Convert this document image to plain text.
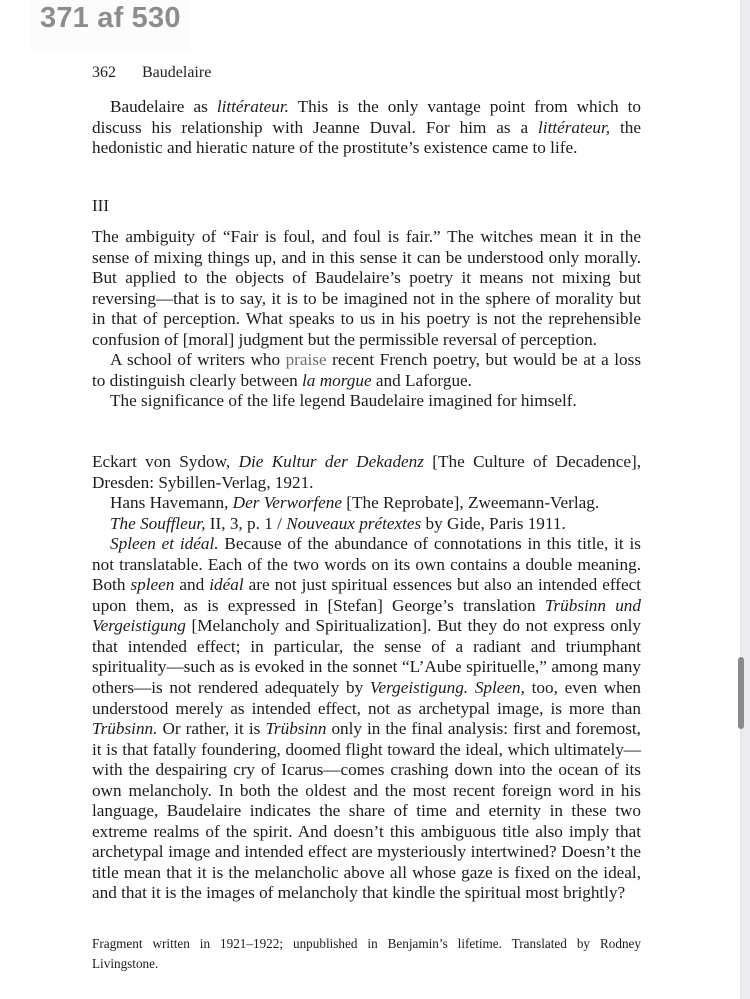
371 af 530
362 Baudelaire

Baudelaire as littérateur. This is the only vantage point from which to discuss his relationship with Jeanne Duval. For him as a littérateur, the hedonistic and hieratic nature of the prostitute’s existence came to life.

III

The ambiguity of “Fair is foul, and foul is fair.” The witches mean it in the sense of mixing things up, and in this sense it can be understood only morally. But applied to the objects of Baudelaire’s poetry it means not mixing but reversing—that is to say, it is to be imagined not in the sphere of morality but in that of perception. What speaks to us in his poetry is not the reprehensible confusion of [moral] judgment but the permissible reversal of perception.

A school of writers who praise recent French poetry, but would be at a loss to distinguish clearly between la morgue and Laforgue.

The significance of the life legend Baudelaire imagined for himself.

Eckart von Sydow, Die Kultur der Dekadenz [The Culture of Decadence], Dresden: Sybillen-Verlag, 1921.

Hans Havemann, Der Verworfene [The Reprobate], Zweemann-Verlag.

The Souffleur, II, 3, p. 1 / Nouveaux prétextes by Gide, Paris 1911.

Spleen et idéal. Because of the abundance of connotations in this title, it is not translatable. Each of the two words on its own contains a double meaning. Both spleen and idéal are not just spiritual essences but also an intended effect upon them, as is expressed in [Stefan] George’s translation Trübsinn und Vergeistigung [Melancholy and Spiritualization]. But they do not express only that intended effect; in particular, the sense of a radiant and triumphant spirituality—such as is evoked in the sonnet “L’Aube spirituelle,” among many others—is not rendered adequately by Vergeistigung. Spleen, too, even when understood merely as intended effect, not as archetypal image, is more than Trübsinn. Or rather, it is Trübsinn only in the final analysis: first and foremost, it is that fatally foundering, doomed flight toward the ideal, which ultimately—with the despairing cry of Icarus—comes crashing down into the ocean of its own melancholy. In both the oldest and the most recent foreign word in his language, Baudelaire indicates the share of time and eternity in these two extreme realms of the spirit. And doesn’t this ambiguous title also imply that archetypal image and intended effect are mysteriously intertwined? Doesn’t the title mean that it is the melancholic above all whose gaze is fixed on the ideal, and that it is the images of melancholy that kindle the spiritual most brightly?

Fragment written in 1921–1922; unpublished in Benjamin’s lifetime. Translated by Rodney Livingstone.
